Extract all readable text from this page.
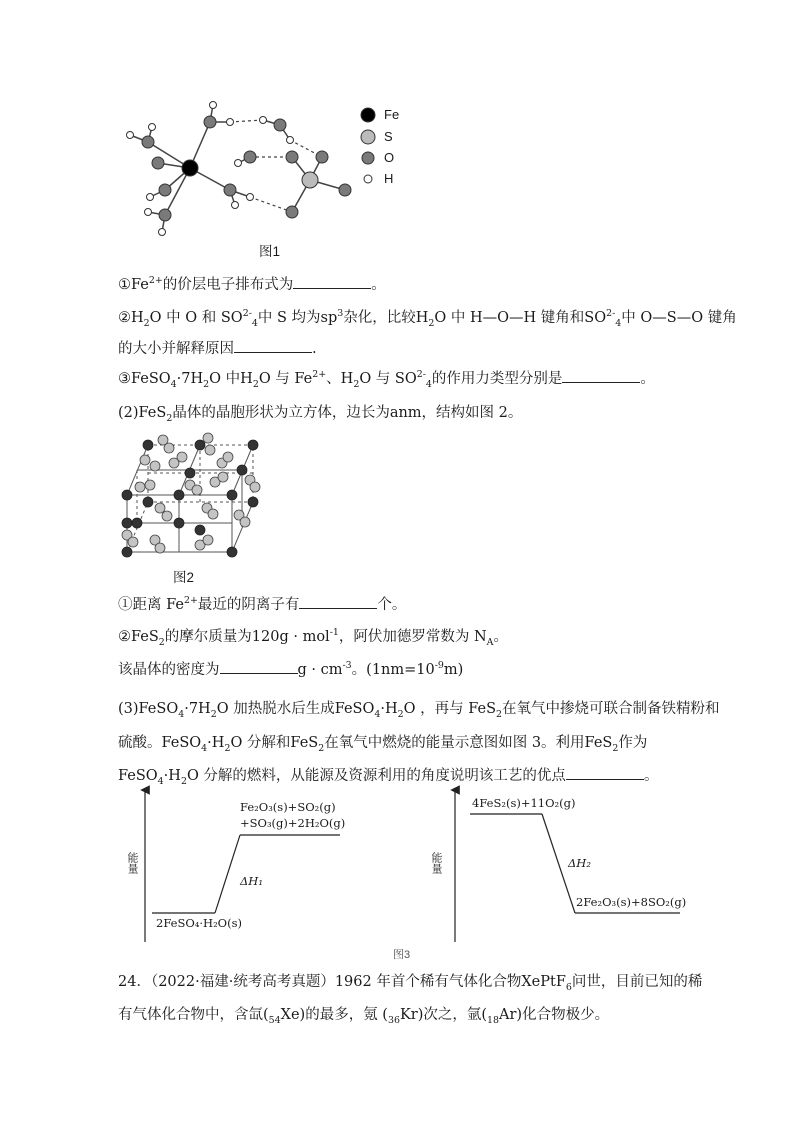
Fe
S
O
H
图1
$①Fe^{2+}$的价层电子排布式为	。
$②H_2O$ 中 O 和 $SO^{2-}_4$中 S 均为$sp^3$杂化，比较$H_2O$ 中 H—O—H 键角和$SO^{2-}_4$中 O—S—O 键角
的大小并解释原因	.
$③FeSO_4\cdot 7H_2O$ 中$H_2O$ 与 $Fe^{2+}$、$H_2O$ 与 $SO^{2-}_4$的作用力类型分别是	。
(2)FeS$_2$晶体的晶胞形状为立方体，边长为anm，结构如图 2。
图2
①距离 $Fe^{2+}$最近的阴离子有	个。
②FeS$_2$的摩尔质量为120g · mol$^{-1}$，阿伏加德罗常数为 $N_A$。
该晶体的密度为	$g \cdot cm^{-3}$。$(1nm=10^{-9}m)$
$(3)FeSO_4\cdot 7H_2O$ 加热脱水后生成$FeSO_4\cdot H_2O$ ，再与 FeS$_2$在氧气中掺烧可联合制备铁精粉和
硫酸。$FeSO_4\cdot H_2O$ 分解和FeS$_2$在氧气中燃烧的能量示意图如图 3。利用FeS$_2$作为
$FeSO_4\cdot H_2O$ 分解的燃料，从能源及资源利用的角度说明该工艺的优点	。
能量
Fe₂O₃(s)+SO₂(g)
+SO₃(g)+2H₂O(g)
2FeSO₄·H₂O(s)
ΔH₁
能量
4FeS₂(s)+11O₂(g)
2Fe₂O₃(s)+8SO₂(g)
ΔH₂
图3
24．（2022·福建·统考高考真题）1962 年首个稀有气体化合物XePtF$_6$问世，目前已知的稀
有气体化合物中，含氙$(_{54}Xe)$的最多，氪 $(_{36}Kr)$次之，氩$(_{18}Ar)$化合物极少。
